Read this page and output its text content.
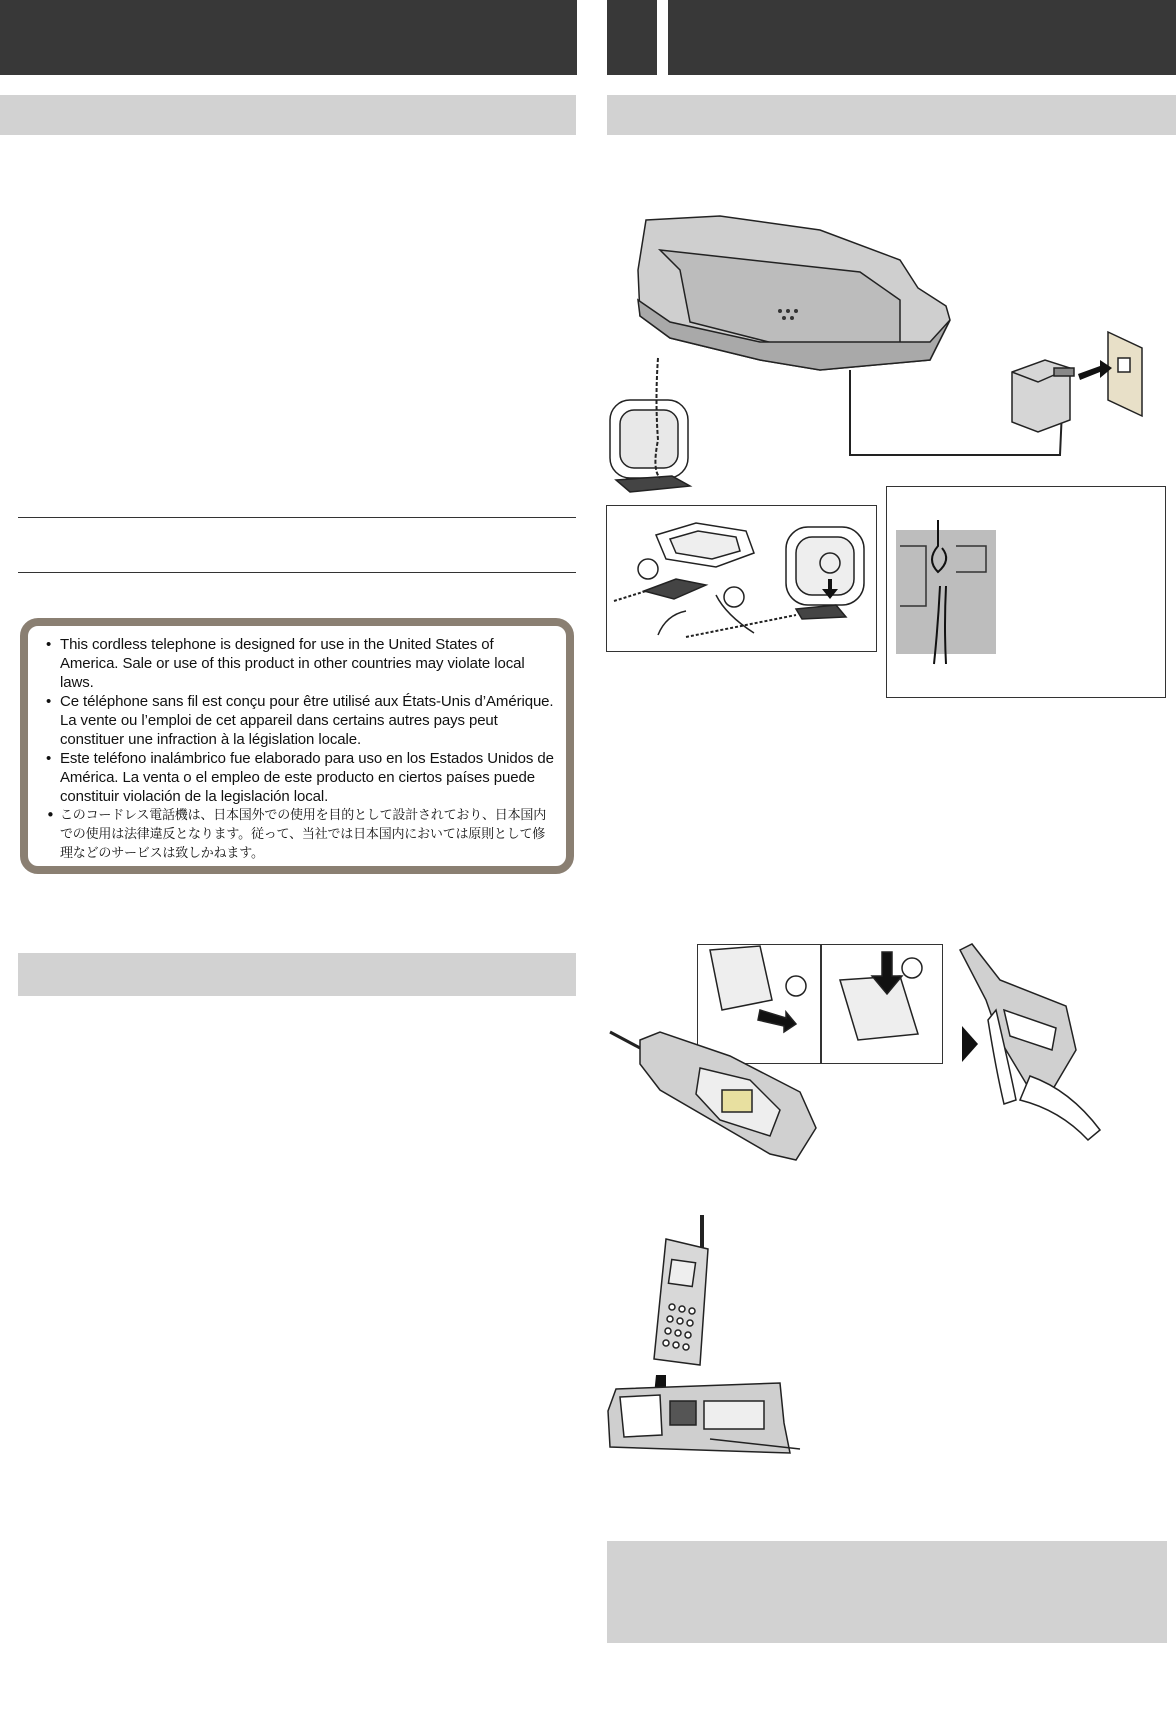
• This cordless telephone is designed for use in the United States of America. Sale or use of this product in other countries may violate local laws.
• Ce téléphone sans fil est conçu pour être utilisé aux États-Unis d’Amérique. La vente ou l’emploi de cet appareil dans certains autres pays peut constituer une infraction à la législation locale.
• Este teléfono inalámbrico fue elaborado para uso en los Estados Unidos de América. La venta o el empleo de este producto en ciertos países puede constituir violación de la legislación local.
• このコードレス電話機は、日本国外での使用を目的として設計されており、日本国内での使用は法律違反となります。従って、当社では日本国内においては原則として修理などのサービスは致しかねます。
